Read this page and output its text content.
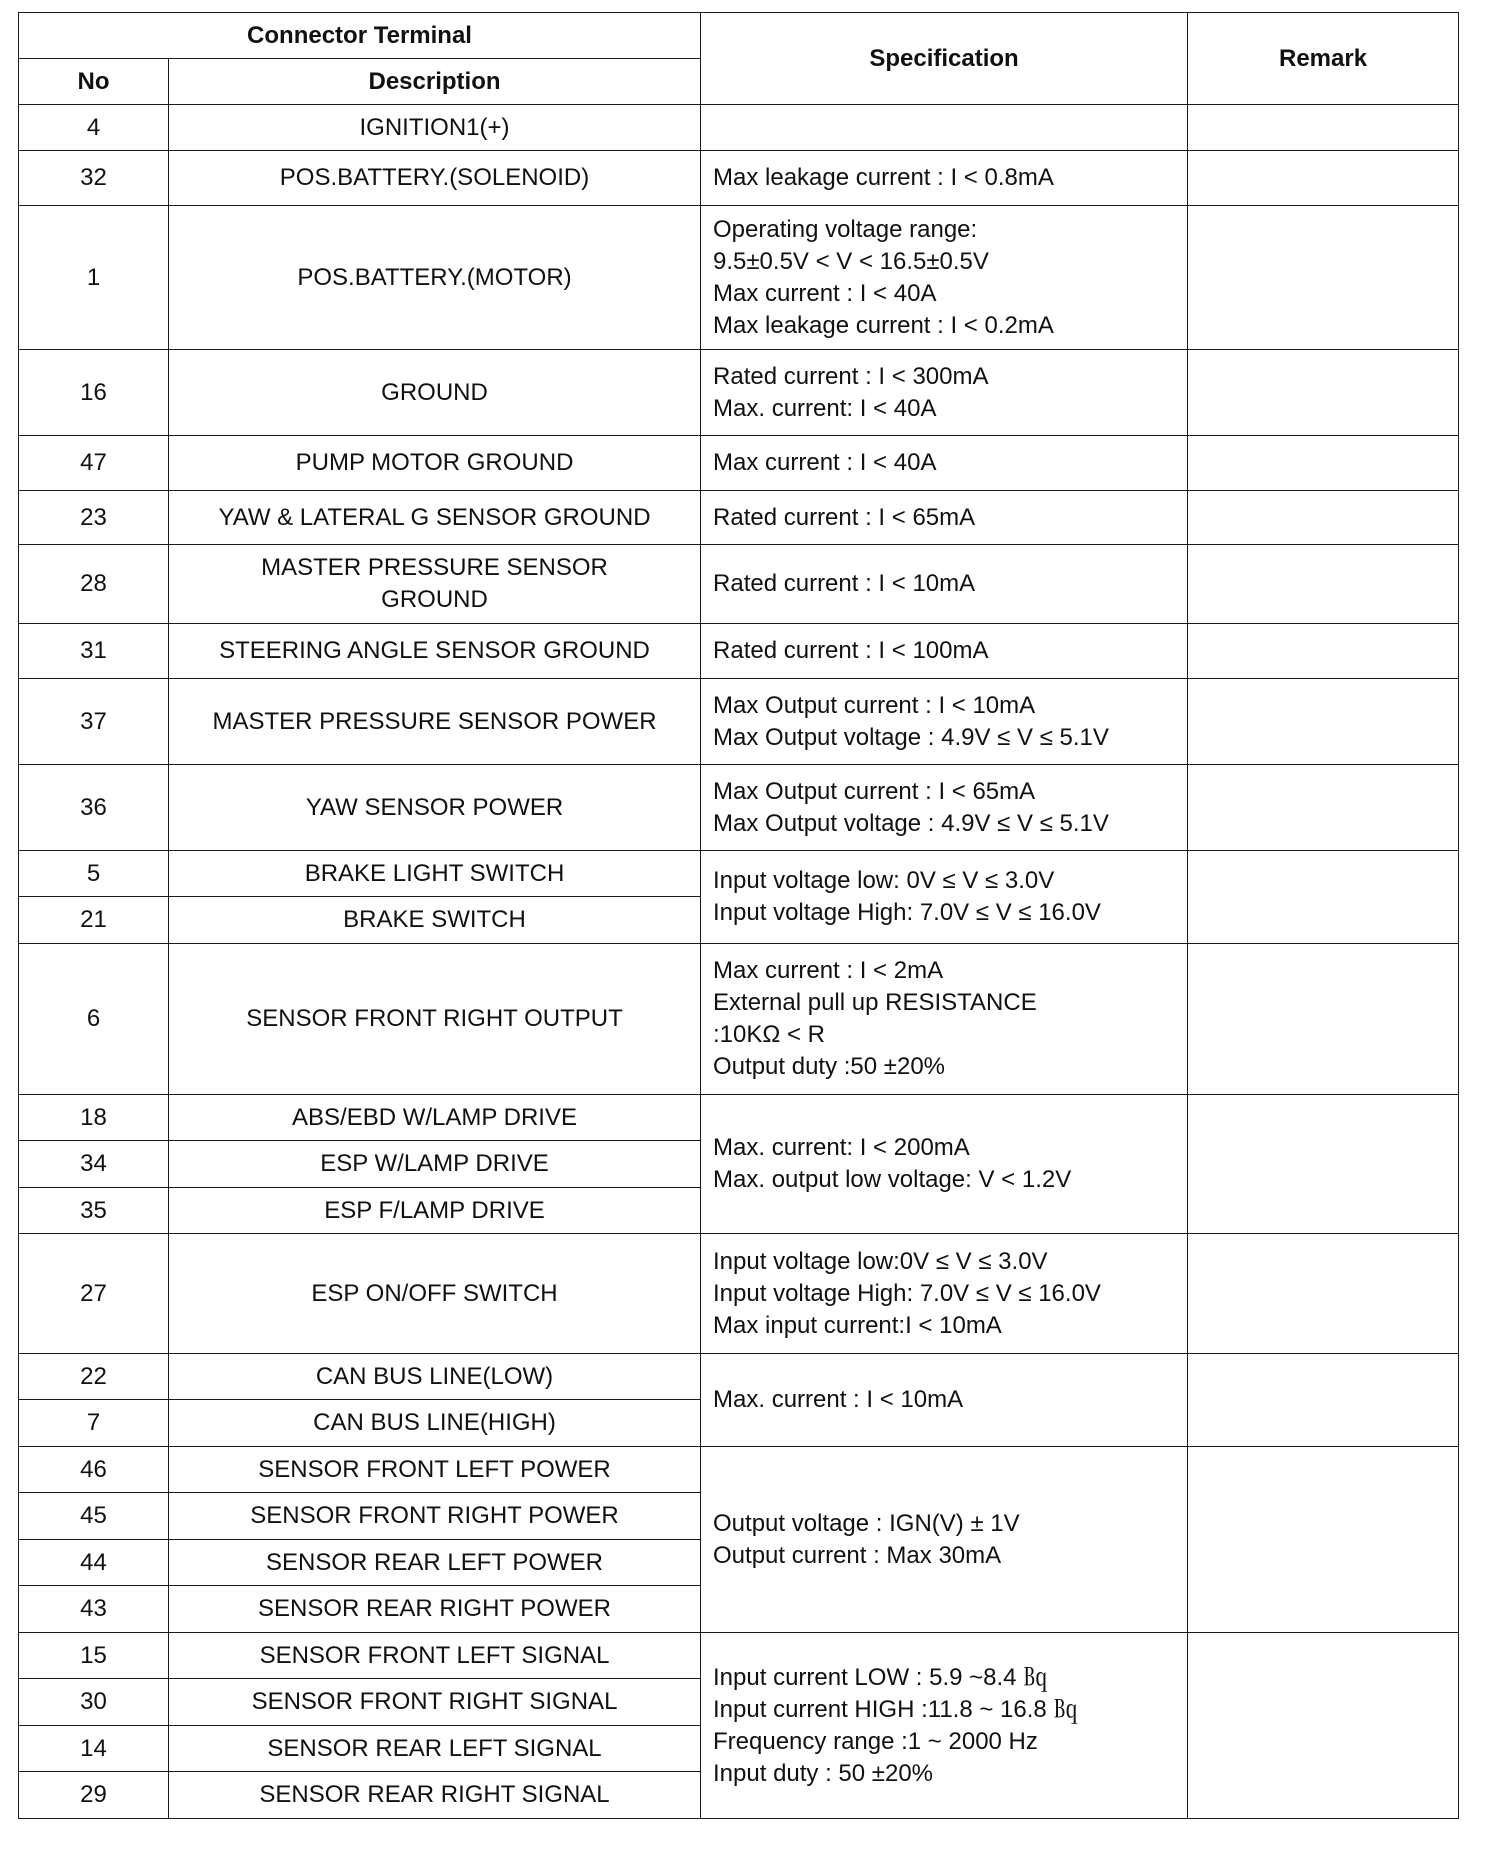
Connector Terminal		Specification	Remark
No	Description		
4	IGNITION1(+)		

32	POS.BATTERY.(SOLENOID)	Max leakage current : I < 0.8mA	

1	POS.BATTERY.(MOTOR)	Operating voltage range:
9.5±0.5V < V < 16.5±0.5V
Max current : I < 40A
Max leakage current : I < 0.2mA	

16	GROUND	Rated current : I < 300mA
Max. current: I < 40A	

47	PUMP MOTOR GROUND	Max current : I < 40A	

23	YAW & LATERAL G SENSOR GROUND	Rated current : I < 65mA	

28	MASTER PRESSURE SENSOR
GROUND	Rated current : I < 10mA	

31	STEERING ANGLE SENSOR GROUND	Rated current : I < 100mA	

37	MASTER PRESSURE SENSOR POWER	Max Output current : I < 10mA
Max Output voltage : 4.9V ≤ V ≤ 5.1V	

36	YAW SENSOR POWER	Max Output current : I < 65mA
Max Output voltage : 4.9V ≤ V ≤ 5.1V	

5	BRAKE LIGHT SWITCH	Input voltage low: 0V ≤ V ≤ 3.0V
Input voltage High: 7.0V ≤ V ≤ 16.0V	

21	BRAKE SWITCH		

6	SENSOR FRONT RIGHT OUTPUT	Max current : I < 2mA
External pull up RESISTANCE
:10KΩ < R
Output duty :50 ±20%	

18	ABS/EBD W/LAMP DRIVE	Max. current: I < 200mA
Max. output low voltage: V < 1.2V	

34	ESP W/LAMP DRIVE		

35	ESP F/LAMP DRIVE		

27	ESP ON/OFF SWITCH	Input voltage low:0V ≤ V ≤ 3.0V
Input voltage High: 7.0V ≤ V ≤ 16.0V
Max input current:I < 10mA	

22	CAN BUS LINE(LOW)	Max. current : I < 10mA	

7	CAN BUS LINE(HIGH)		

46	SENSOR FRONT LEFT POWER	Output voltage : IGN(V) ± 1V
Output current : Max 30mA	

45	SENSOR FRONT RIGHT POWER		

44	SENSOR REAR LEFT POWER		

43	SENSOR REAR RIGHT POWER		

15	SENSOR FRONT LEFT SIGNAL	Input current LOW : 5.9 ~8.4 ㏃
Input current HIGH :11.8 ~ 16.8 ㏃
Frequency range :1 ~ 2000 Hz
Input duty : 50 ±20%	

30	SENSOR FRONT RIGHT SIGNAL		

14	SENSOR REAR LEFT SIGNAL		

29	SENSOR REAR RIGHT SIGNAL		
